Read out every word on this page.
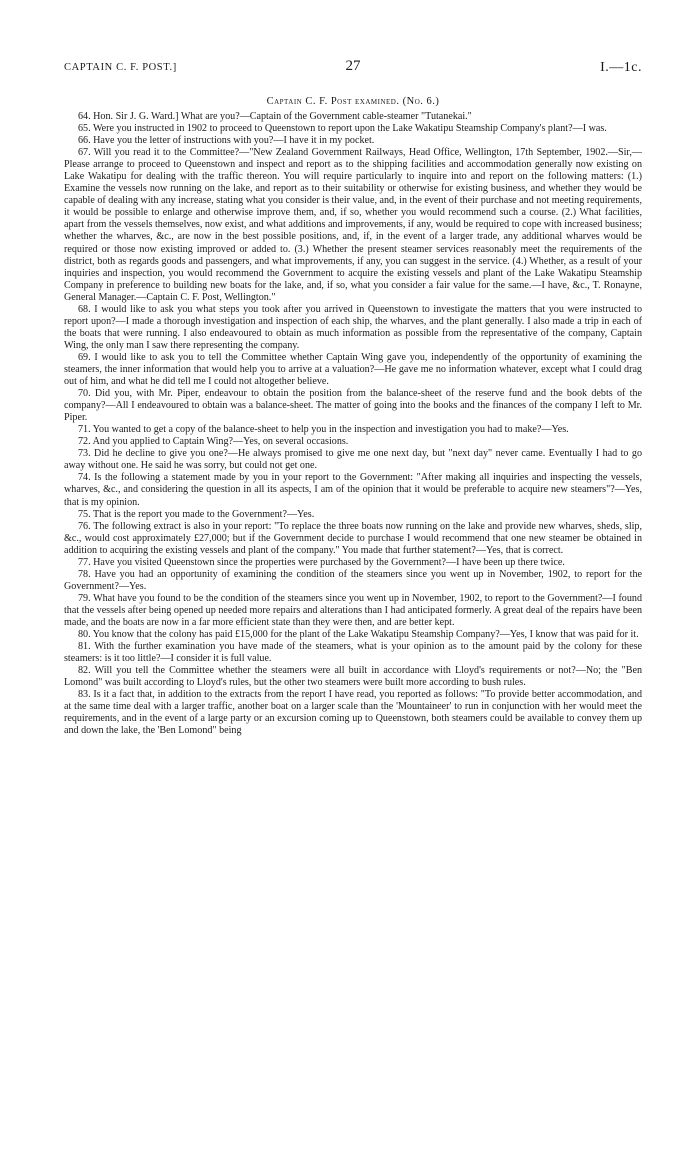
CAPTAIN C. F. POST.]	27	I.—1c.
Captain C. F. Post examined. (No. 6.)

64. Hon. Sir J. G. Ward.] What are you?—Captain of the Government cable-steamer "Tutanekai."

65. Were you instructed in 1902 to proceed to Queenstown to report upon the Lake Wakatipu Steamship Company's plant?—I was.

66. Have you the letter of instructions with you?—I have it in my pocket.

67. Will you read it to the Committee?—"New Zealand Government Railways, Head Office, Wellington, 17th September, 1902.—Sir,—Please arrange to proceed to Queenstown and inspect and report as to the shipping facilities and accommodation generally now existing on Lake Wakatipu for dealing with the traffic thereon. You will require particularly to inquire into and report on the following matters: (1.) Examine the vessels now running on the lake, and report as to their suitability or otherwise for existing business, and whether they would be capable of dealing with any increase, stating what you consider is their value, and, in the event of their purchase and not meeting requirements, it would be possible to enlarge and otherwise improve them, and, if so, whether you would recommend such a course. (2.) What facilities, apart from the vessels themselves, now exist, and what additions and improvements, if any, would be required to cope with increased business; whether the wharves, &c., are now in the best possible positions, and, if, in the event of a larger trade, any additional wharves would be required or those now existing improved or added to. (3.) Whether the present steamer services reasonably meet the requirements of the district, both as regards goods and passengers, and what improvements, if any, you can suggest in the service. (4.) Whether, as a result of your inquiries and inspection, you would recommend the Government to acquire the existing vessels and plant of the Lake Wakatipu Steamship Company in preference to building new boats for the lake, and, if so, what you consider a fair value for the same.—I have, &c., T. Ronayne, General Manager.—Captain C. F. Post, Wellington."

68. I would like to ask you what steps you took after you arrived in Queenstown to investigate the matters that you were instructed to report upon?—I made a thorough investigation and inspection of each ship, the wharves, and the plant generally. I also made a trip in each of the boats that were running. I also endeavoured to obtain as much information as possible from the representative of the company, Captain Wing, the only man I saw there representing the company.

69. I would like to ask you to tell the Committee whether Captain Wing gave you, independently of the opportunity of examining the steamers, the inner information that would help you to arrive at a valuation?—He gave me no information whatever, except what I could drag out of him, and what he did tell me I could not altogether believe.

70. Did you, with Mr. Piper, endeavour to obtain the position from the balance-sheet of the reserve fund and the book debts of the company?—All I endeavoured to obtain was a balance-sheet. The matter of going into the books and the finances of the company I left to Mr. Piper.

71. You wanted to get a copy of the balance-sheet to help you in the inspection and investigation you had to make?—Yes.

72. And you applied to Captain Wing?—Yes, on several occasions.

73. Did he decline to give you one?—He always promised to give me one next day, but "next day" never came. Eventually I had to go away without one. He said he was sorry, but could not get one.

74. Is the following a statement made by you in your report to the Government: "After making all inquiries and inspecting the vessels, wharves, &c., and considering the question in all its aspects, I am of the opinion that it would be preferable to acquire new steamers"?—Yes, that is my opinion.

75. That is the report you made to the Government?—Yes.

76. The following extract is also in your report: "To replace the three boats now running on the lake and provide new wharves, sheds, slip, &c., would cost approximately £27,000; but if the Government decide to purchase I would recommend that one new steamer be obtained in addition to acquiring the existing vessels and plant of the company." You made that further statement?—Yes, that is correct.

77. Have you visited Queenstown since the properties were purchased by the Government?—I have been up there twice.

78. Have you had an opportunity of examining the condition of the steamers since you went up in November, 1902, to report for the Government?—Yes.

79. What have you found to be the condition of the steamers since you went up in November, 1902, to report to the Government?—I found that the vessels after being opened up needed more repairs and alterations than I had anticipated formerly. A great deal of the repairs have been made, and the boats are now in a far more efficient state than they were then, and are better kept.

80. You know that the colony has paid £15,000 for the plant of the Lake Wakatipu Steamship Company?—Yes, I know that was paid for it.

81. With the further examination you have made of the steamers, what is your opinion as to the amount paid by the colony for these steamers: is it too little?—I consider it is full value.

82. Will you tell the Committee whether the steamers were all built in accordance with Lloyd's requirements or not?—No; the "Ben Lomond" was built according to Lloyd's rules, but the other two steamers were built more according to bush rules.

83. Is it a fact that, in addition to the extracts from the report I have read, you reported as follows: "To provide better accommodation, and at the same time deal with a larger traffic, another boat on a larger scale than the 'Mountaineer' to run in conjunction with her would meet the requirements, and in the event of a large party or an excursion coming up to Queenstown, both steamers could be available to convey them up and down the lake, the 'Ben Lomond" being
